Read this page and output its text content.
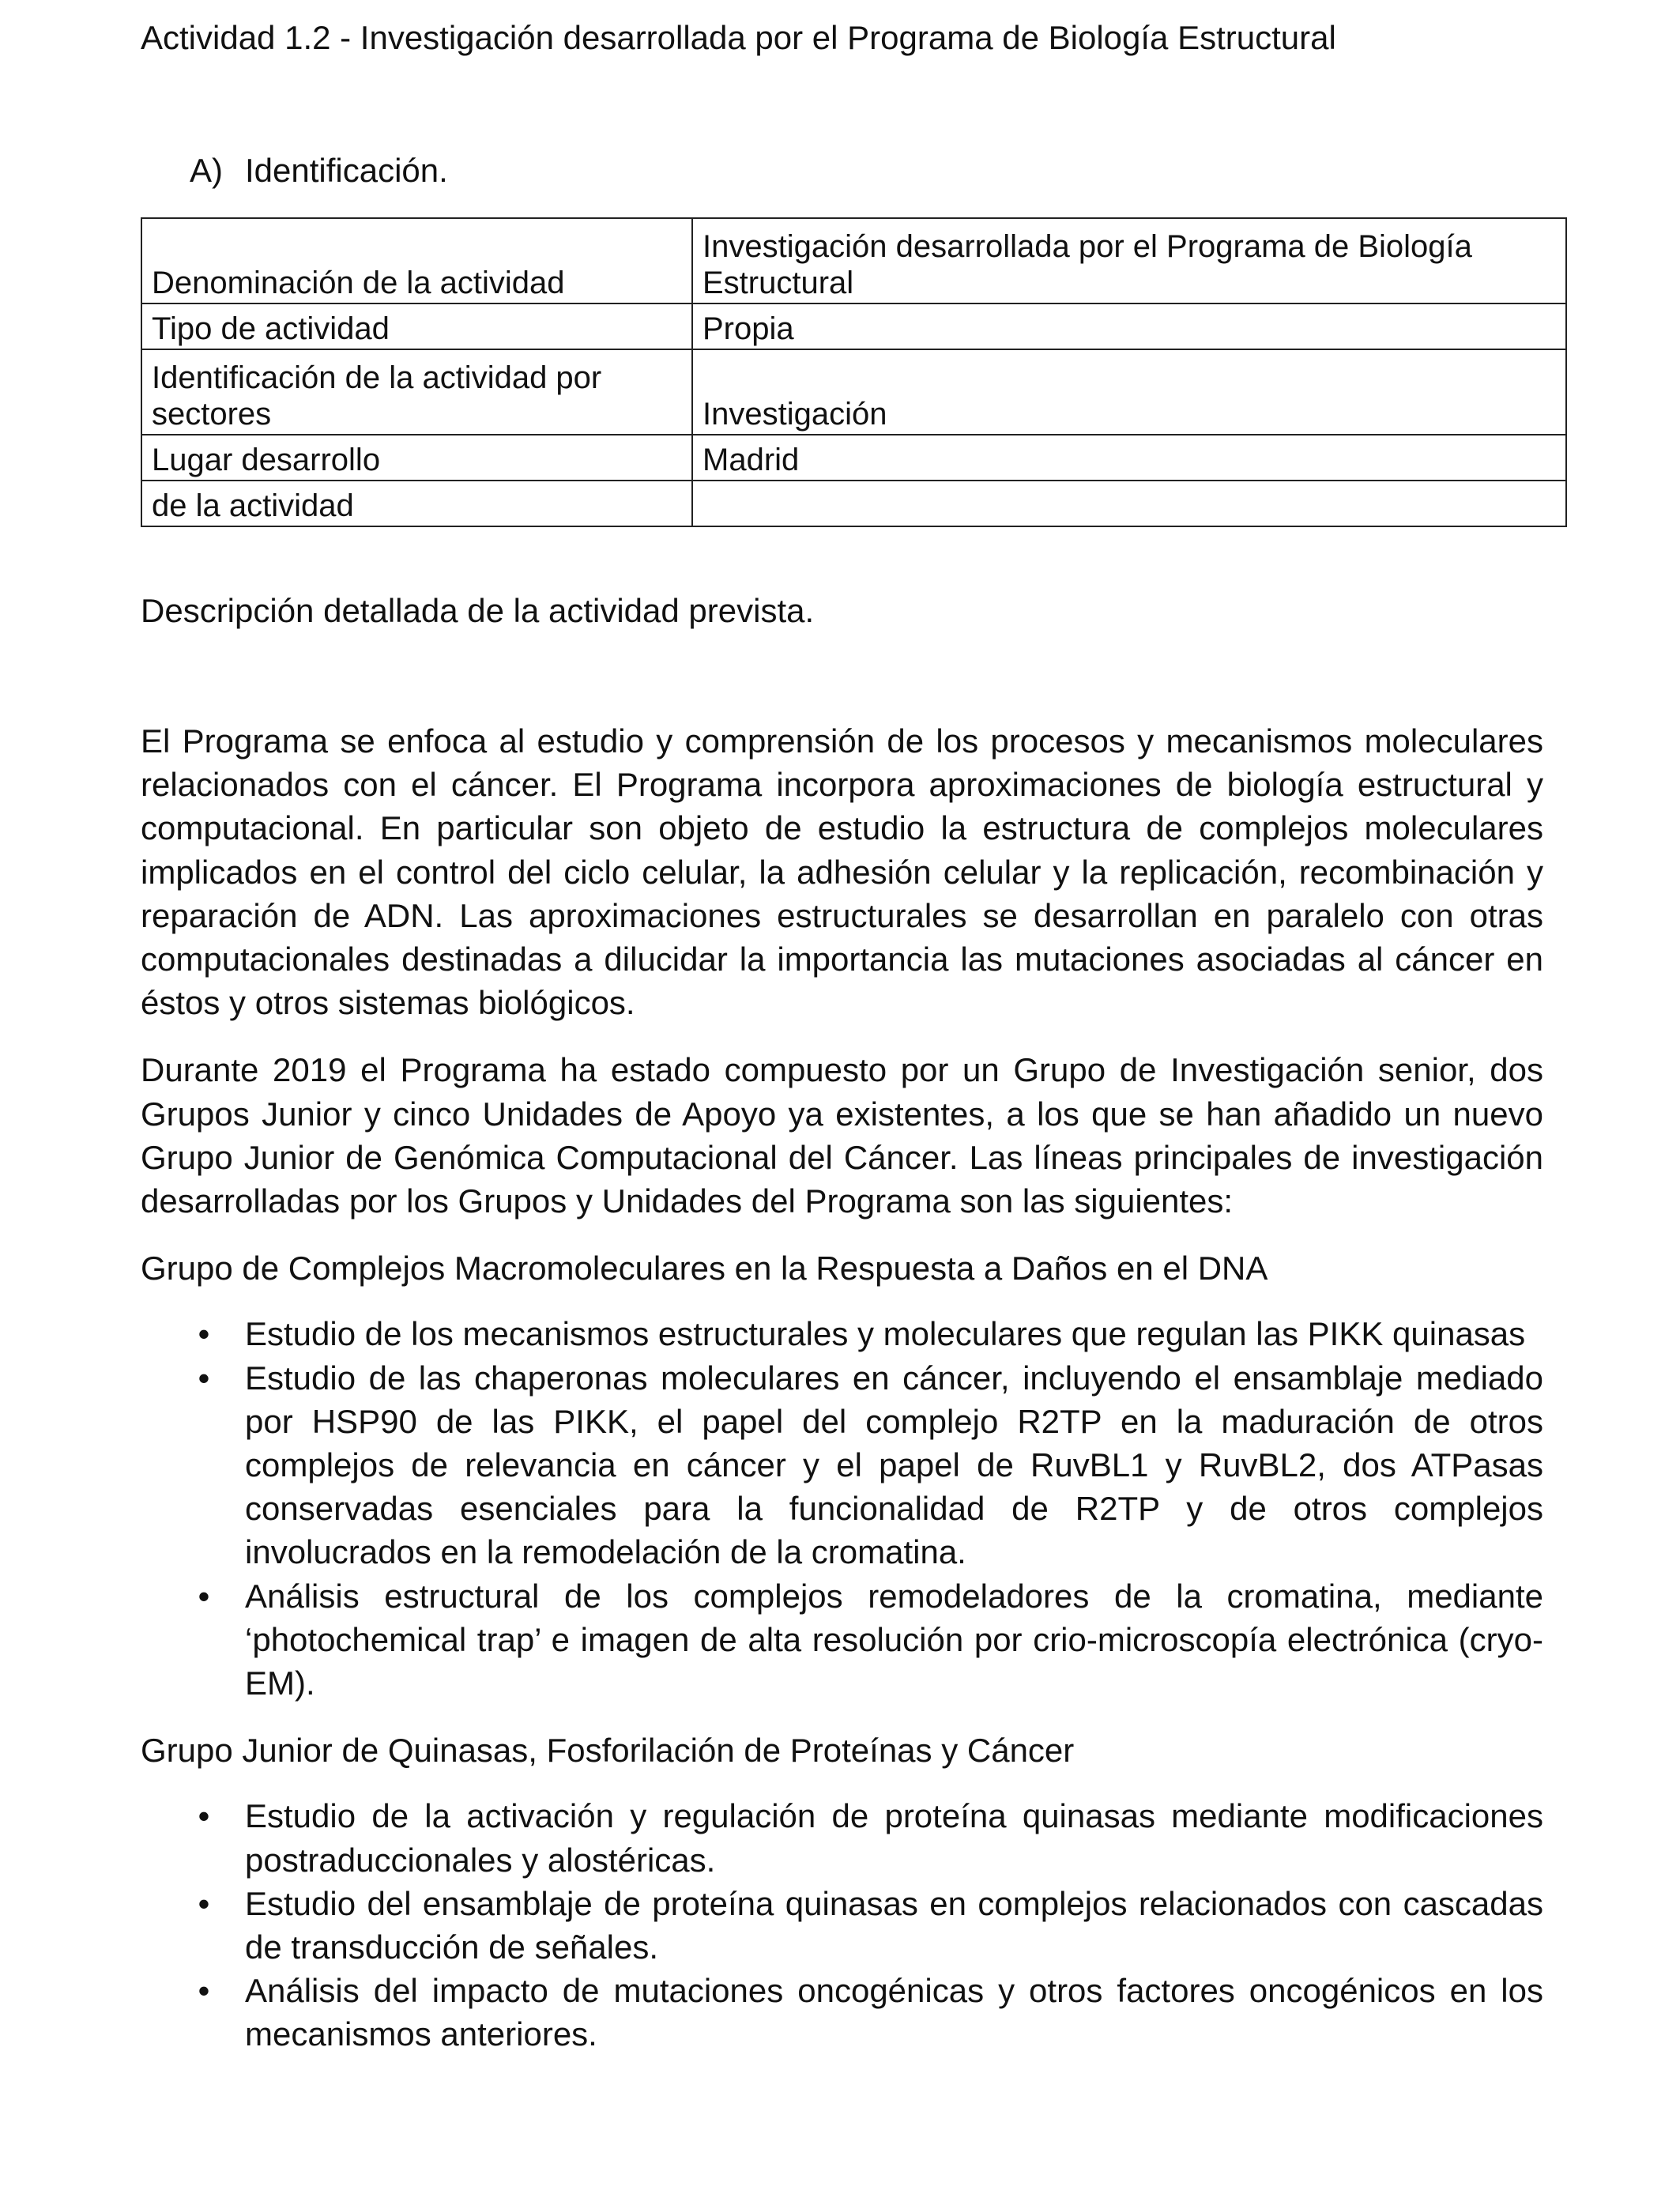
Actividad 1.2 - Investigación desarrollada por el Programa de Biología Estructural
A) Identificación.
Denominación de la actividad	Investigación desarrollada por el Programa de Biología Estructural
Tipo de actividad	Propia
Identificación de la actividad por sectores	Investigación
Lugar desarrollo	Madrid
de la actividad	
Descripción detallada de la actividad prevista.

El Programa se enfoca al estudio y comprensión de los procesos y mecanismos moleculares relacionados con el cáncer. El Programa incorpora aproximaciones de biología estructural y computacional. En particular son objeto de estudio la estructura de complejos moleculares implicados en el control del ciclo celular, la adhesión celular y la replicación, recombinación y reparación de ADN. Las aproximaciones estructurales se desarrollan en paralelo con otras computacionales destinadas a dilucidar la importancia las mutaciones asociadas al cáncer en éstos y otros sistemas biológicos.

Durante 2019 el Programa ha estado compuesto por un Grupo de Investigación senior, dos Grupos Junior y cinco Unidades de Apoyo ya existentes, a los que se han añadido un nuevo Grupo Junior de Genómica Computacional del Cáncer. Las líneas principales de investigación desarrolladas por los Grupos y Unidades del Programa son las siguientes:

Grupo de Complejos Macromoleculares en la Respuesta a Daños en el DNA

• Estudio de los mecanismos estructurales y moleculares que regulan las PIKK quinasas
• Estudio de las chaperonas moleculares en cáncer, incluyendo el ensamblaje mediado por HSP90 de las PIKK, el papel del complejo R2TP en la maduración de otros complejos de relevancia en cáncer y el papel de RuvBL1 y RuvBL2, dos ATPasas conservadas esenciales para la funcionalidad de R2TP y de otros complejos involucrados en la remodelación de la cromatina.
• Análisis estructural de los complejos remodeladores de la cromatina, mediante ‘photochemical trap’ e imagen de alta resolución por crio-microscopía electrónica (cryo-EM).

Grupo Junior de Quinasas, Fosforilación de Proteínas y Cáncer

• Estudio de la activación y regulación de proteína quinasas mediante modificaciones postraduccionales y alostéricas.
• Estudio del ensamblaje de proteína quinasas en complejos relacionados con cascadas de transducción de señales.
• Análisis del impacto de mutaciones oncogénicas y otros factores oncogénicos en los mecanismos anteriores.
